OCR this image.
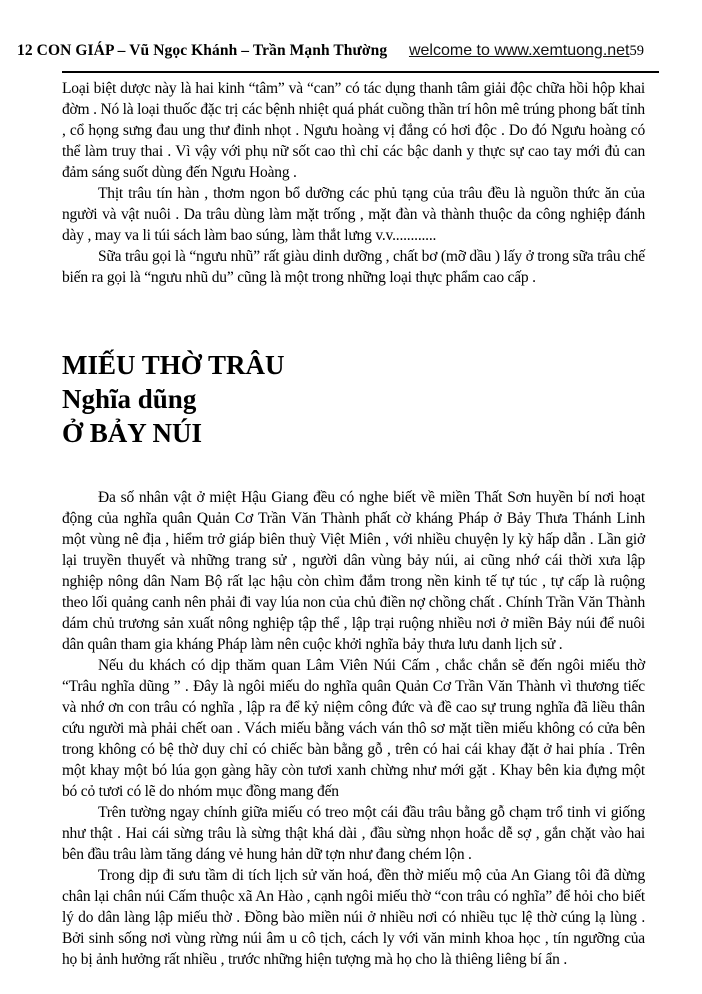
12 CON GIÁP – Vũ Ngọc Khánh – Trần Mạnh Thường welcome to www.xemtuong.net 59

Loại biệt dược này là hai kinh “tâm” và “can” có tác dụng thanh tâm giải độc chữa hồi hộp khai đờm . Nó là loại thuốc đặc trị các bệnh nhiệt quá phát cuồng thần trí hôn mê trúng phong bất tỉnh , cổ họng sưng đau ung thư đinh nhọt . Ngưu hoàng vị đắng có hơi độc . Do đó Ngưu hoàng có thể làm truy thai . Vì vậy với phụ nữ sốt cao thì chỉ các bậc danh y thực sự cao tay mới đủ can đảm sáng suốt dùng đến Ngưu Hoàng .

Thịt trâu tín hàn , thơm ngon bổ dưỡng các phủ tạng của trâu đều là nguồn thức ăn của người và vật nuôi . Da trâu dùng làm mặt trống , mặt đàn và thành thuộc da công nghiệp đánh dày , may va li túi sách làm bao súng, làm thắt lưng v.v............

Sữa trâu gọi là “ngưu nhũ” rất giàu dinh dưỡng , chất bơ (mỡ dầu ) lấy ở trong sữa trâu chế biến ra gọi là “ngưu nhũ du” cũng là một trong những loại thực phẩm cao cấp .

MIẾU THỜ TRÂU
Nghĩa dũng
Ở BẢY NÚI

Đa số nhân vật ở miệt Hậu Giang đều có nghe biết về miền Thất Sơn huyền bí nơi hoạt động của nghĩa quân Quản Cơ Trần Văn Thành phất cờ kháng Pháp ở Bảy Thưa Thánh Linh một vùng nê địa , hiểm trở giáp biên thuỳ Việt Miên , với nhiều chuyện ly kỳ hấp dẫn . Lần giở lại truyền thuyết và những trang sử , người dân vùng bảy núi, ai cũng nhớ cái thời xưa lập nghiệp nông dân Nam Bộ rất lạc hậu còn chìm đắm trong nền kinh tế tự túc , tự cấp là ruộng theo lối quảng canh nên phải đi vay lúa non của chủ điền nợ chồng chất . Chính Trần Văn Thành dám chủ trương sản xuất nông nghiệp tập thể , lập trại ruộng nhiều nơi ở miền Bảy núi để nuôi dân quân tham gia kháng Pháp làm nên cuộc khởi nghĩa bảy thưa lưu danh lịch sử .

Nếu du khách có dịp thăm quan Lâm Viên Núi Cấm , chắc chắn sẽ đến ngôi miếu thờ “Trâu nghĩa dũng ” . Đây là ngôi miếu do nghĩa quân Quản Cơ Trần Văn Thành vì thương tiếc và nhớ ơn con trâu có nghĩa , lập ra để kỷ niệm công đức và đề cao sự trung nghĩa đã liều thân cứu người mà phải chết oan . Vách miếu bằng vách ván thô sơ mặt tiền miếu không có cửa bên trong không có bệ thờ duy chỉ có chiếc bàn bằng gỗ , trên có hai cái khay đặt ở hai phía . Trên một khay một bó lúa gọn gàng hãy còn tươi xanh chừng như mới gặt . Khay bên kia đựng một bó cỏ tươi có lẽ do nhóm mục đồng mang đến

Trên tường ngay chính giữa miếu có treo một cái đầu trâu bằng gỗ chạm trổ tinh vi giống như thật . Hai cái sừng trâu là sừng thật khá dài , đầu sừng nhọn hoắc dễ sợ , gắn chặt vào hai bên đầu trâu làm tăng dáng vẻ hung hản dữ tợn như đang chém lộn .

Trong dịp đi sưu tầm di tích lịch sử văn hoá, đền thờ miếu mộ của An Giang tôi đã dừng chân lại chân núi Cấm thuộc xã An Hào , cạnh ngôi miếu thờ “con trâu có nghĩa” để hỏi cho biết lý do dân làng lập miếu thờ . Đồng bào miền núi ở nhiều nơi có nhiều tục lệ thờ cúng lạ lùng . Bởi sinh sống nơi vùng rừng núi âm u cô tịch, cách ly với văn minh khoa học , tín ngưỡng của họ bị ảnh hưởng rất nhiều , trước những hiện tượng mà họ cho là thiêng liêng bí ẩn .
